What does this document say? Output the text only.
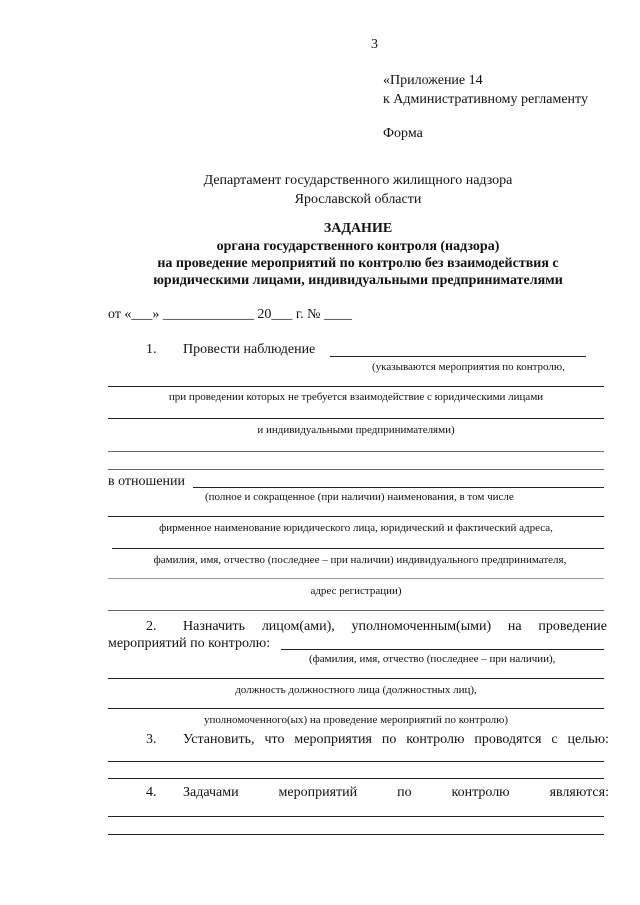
3
«Приложение 14
к Административному регламенту
Форма
Департамент государственного жилищного надзора
Ярославской области
ЗАДАНИЕ
органа государственного контроля (надзора)
на проведение мероприятий по контролю без взаимодействия с
юридическими лицами, индивидуальными предпринимателями
от «___» _____________ 20___ г. № ____
1. Провести наблюдение
(указываются мероприятия по контролю,
при проведении которых не требуется взаимодействие с юридическими лицами
и индивидуальными предпринимателями)
в отношении
(полное и сокращенное (при наличии) наименования, в том числе
фирменное наименование юридического лица, юридический и фактический адреса,
фамилия, имя, отчество (последнее – при наличии) индивидуального предпринимателя,
адрес регистрации)
2. Назначить лицом(ами), уполномоченным(ыми) на проведение
мероприятий по контролю:
(фамилия, имя, отчество (последнее – при наличии),
должность должностного лица (должностных лиц),
уполномоченного(ых) на проведение мероприятий по контролю)
3. Установить, что мероприятия по контролю проводятся с целью:
4. Задачами	мероприятий	по	контролю	являются:
